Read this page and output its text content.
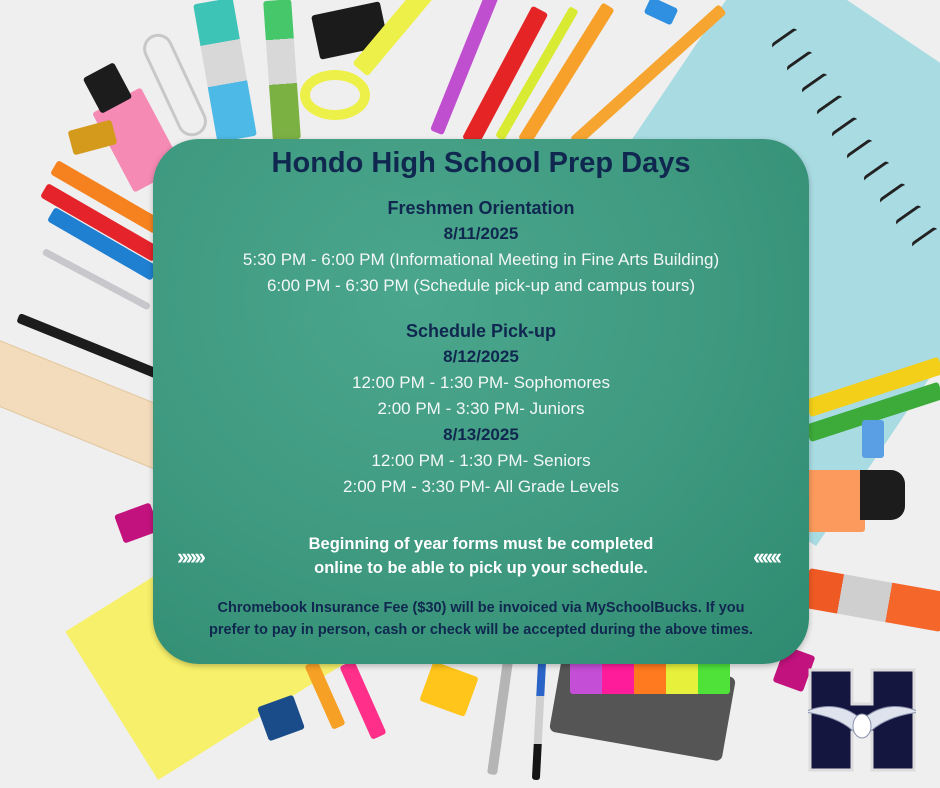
Hondo High School Prep Days
Freshmen Orientation
8/11/2025
5:30 PM - 6:00 PM (Informational Meeting in Fine Arts Building)
6:00 PM - 6:30 PM (Schedule pick-up and campus tours)
Schedule Pick-up
8/12/2025
12:00 PM - 1:30 PM- Sophomores
2:00 PM - 3:30 PM- Juniors
8/13/2025
12:00 PM - 1:30 PM- Seniors
2:00 PM - 3:30 PM- All Grade Levels
››››››	Beginning of year forms must be completed
online to be able to pick up your schedule.	‹‹‹‹‹‹
Chromebook Insurance Fee ($30) will be invoiced via MySchoolBucks. If you
prefer to pay in person, cash or check will be accepted during the above times.
